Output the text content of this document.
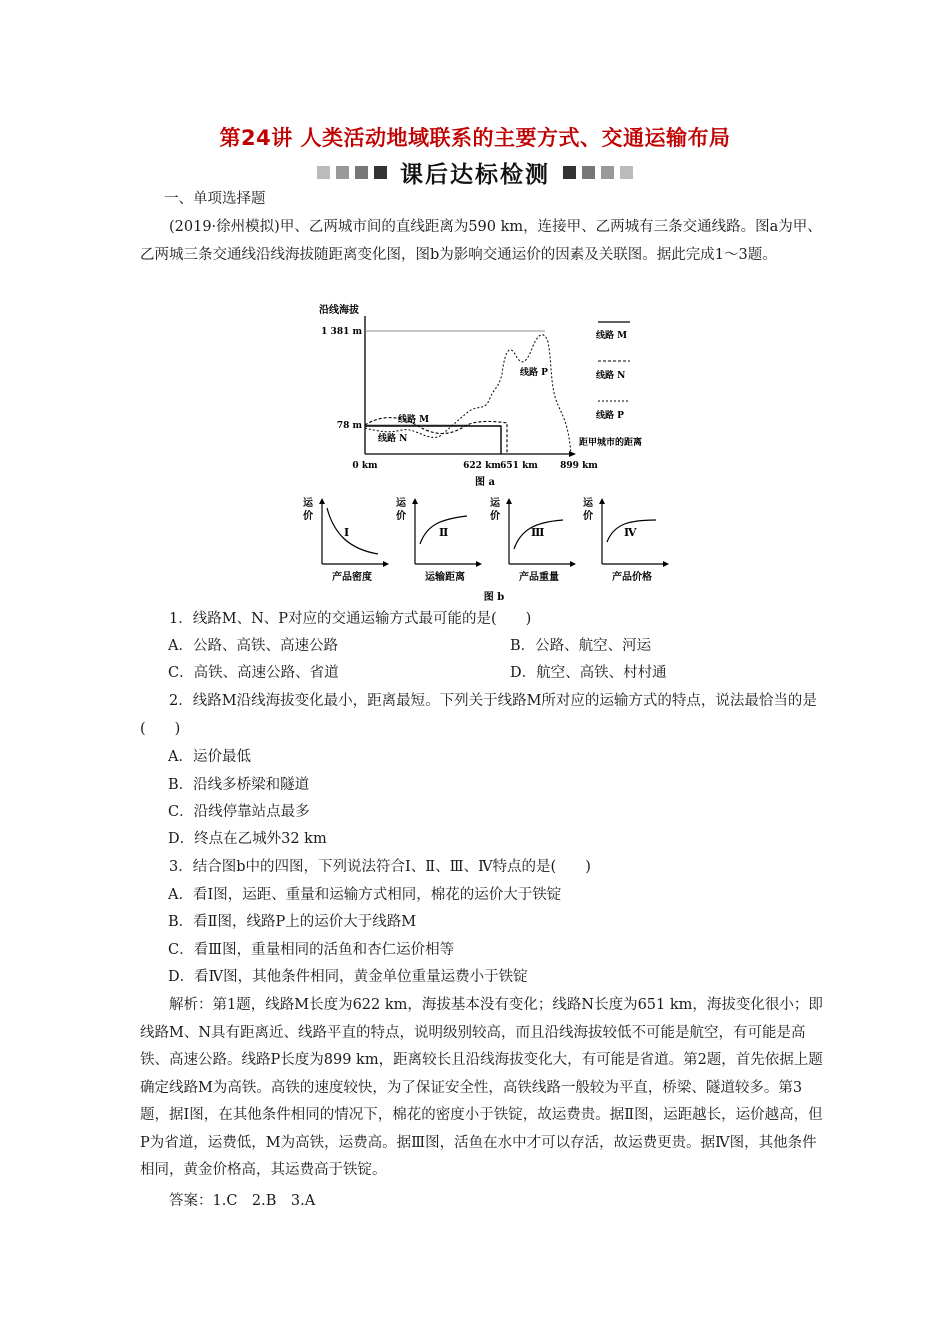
第24讲 人类活动地域联系的主要方式、交通运输布局
课后达标检测

一、单项选择题

(2019·徐州模拟)甲、乙两城市间的直线距离为590 km，连接甲、乙两城有三条交通线路。图a为甲、乙两城三条交通线沿线海拔随距离变化图，图b为影响交通运价的因素及关联图。据此完成1～3题。

沿线海拔
1 381 m
78 m
线路 M
线路 N
线路 P
距甲城市的距离
0 km	622 km 651 km 899 km
图 a
线路 M
线路 N
线路 P
运
价
Ⅰ
产品密度
运
价
Ⅱ
运输距离
运
价
Ⅲ
产品重量
运
价
Ⅳ
产品价格
图 b

1．线路M、N、P对应的交通运输方式最可能的是(　　)

A．公路、高铁、高速公路	B．公路、航空、河运
C．高铁、高速公路、省道	D．航空、高铁、村村通

2．线路M沿线海拔变化最小，距离最短。下列关于线路M所对应的运输方式的特点，说法最恰当的是(　　)

A．运价最低
B．沿线多桥梁和隧道
C．沿线停靠站点最多
D．终点在乙城外32 km

3．结合图b中的四图，下列说法符合Ⅰ、Ⅱ、Ⅲ、Ⅳ特点的是(　　)

A．看Ⅰ图，运距、重量和运输方式相同，棉花的运价大于铁锭
B．看Ⅱ图，线路P上的运价大于线路M
C．看Ⅲ图，重量相同的活鱼和杏仁运价相等
D．看Ⅳ图，其他条件相同，黄金单位重量运费小于铁锭

解析：第1题，线路M长度为622 km，海拔基本没有变化；线路N长度为651 km，海拔变化很小；即线路M、N具有距离近、线路平直的特点，说明级别较高，而且沿线海拔较低不可能是航空，有可能是高铁、高速公路。线路P长度为899 km，距离较长且沿线海拔变化大，有可能是省道。第2题，首先依据上题确定线路M为高铁。高铁的速度较快，为了保证安全性，高铁线路一般较为平直，桥梁、隧道较多。第3题，据Ⅰ图，在其他条件相同的情况下，棉花的密度小于铁锭，故运费贵。据Ⅱ图，运距越长，运价越高，但P为省道，运费低，M为高铁，运费高。据Ⅲ图，活鱼在水中才可以存活，故运费更贵。据Ⅳ图，其他条件相同，黄金价格高，其运费高于铁锭。

答案：1.C　2.B　3.A
